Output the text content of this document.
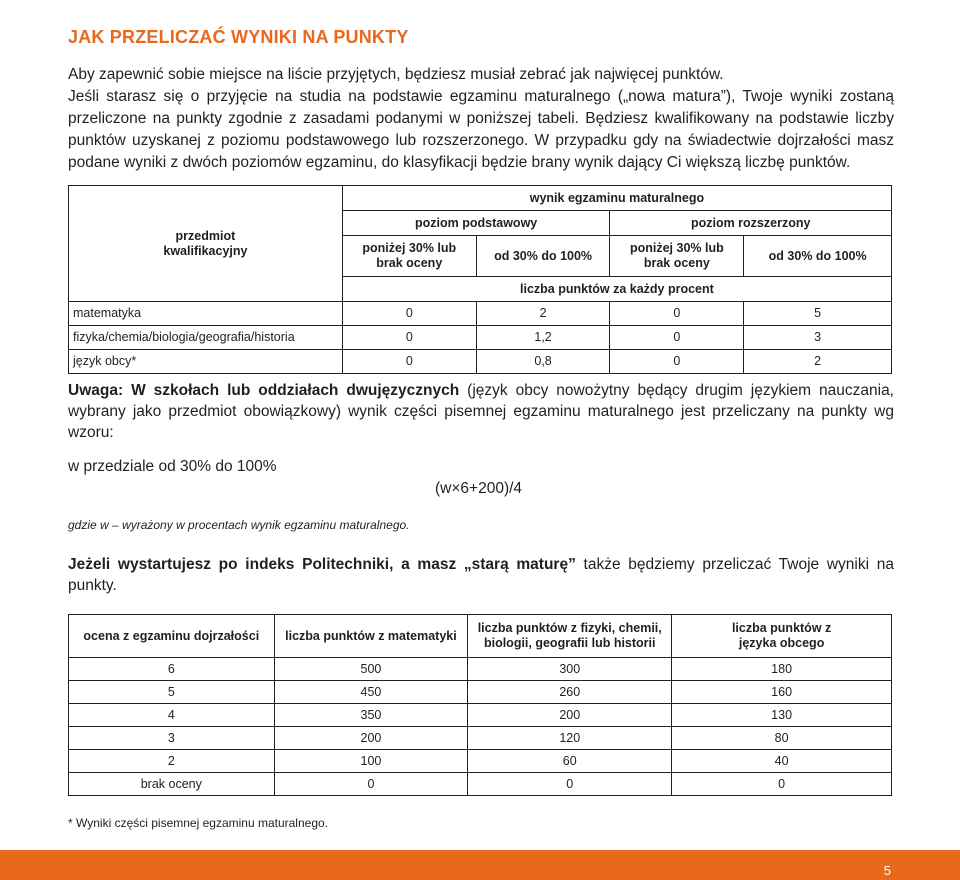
JAK PRZELICZAĆ WYNIKI NA PUNKTY

Aby zapewnić sobie miejsce na liście przyjętych, będziesz musiał zebrać jak najwięcej punktów.

Jeśli starasz się o przyjęcie na studia na podstawie egzaminu maturalnego („nowa matura”), Twoje wyniki zostaną przeliczone na punkty zgodnie z zasadami podanymi w poniższej tabeli. Będziesz kwalifikowany na podstawie liczby punktów uzyskanej z poziomu podstawowego lub rozszerzonego. W przypadku gdy na świadectwie dojrzałości masz podane wyniki z dwóch poziomów egzaminu, do klasyfikacji będzie brany wynik dający Ci większą liczbę punktów.

przedmiot kwalifikacyjny	wynik egzaminu maturalnego			
	poziom podstawowy		poziom rozszerzony	

	poniżej 30% lub brak oceny	od 30% do 100%	poniżej 30% lub brak oceny	od 30% do 100%
	liczba punktów za każdy procent			
matematyka	0	2	0	5
fizyka/chemia/biologia/geografia/historia	0	1,2	0	3
język obcy*	0	0,8	0	2

Uwaga: W szkołach lub oddziałach dwujęzycznych (język obcy nowożytny będący drugim językiem nauczania, wybrany jako przedmiot obowiązkowy) wynik części pisemnej egzaminu maturalnego jest przeliczany na punkty wg wzoru:

w przedziale od 30% do 100%
(w×6+200)/4
gdzie w – wyrażony w procentach wynik egzaminu maturalnego.

Jeżeli wystartujesz po indeks Politechniki, a masz „starą maturę” także będziemy przeliczać Twoje wyniki na punkty.

ocena z egzaminu dojrzałości	liczba punktów z matematyki	liczba punktów z fizyki, chemii, biologii, geografii lub historii	liczba punktów z języka obcego

6	500	300	180
5	450	260	160
4	350	200	130
3	200	120	80
2	100	60	40
brak oceny	0	0	0
* Wyniki części pisemnej egzaminu maturalnego.
5
